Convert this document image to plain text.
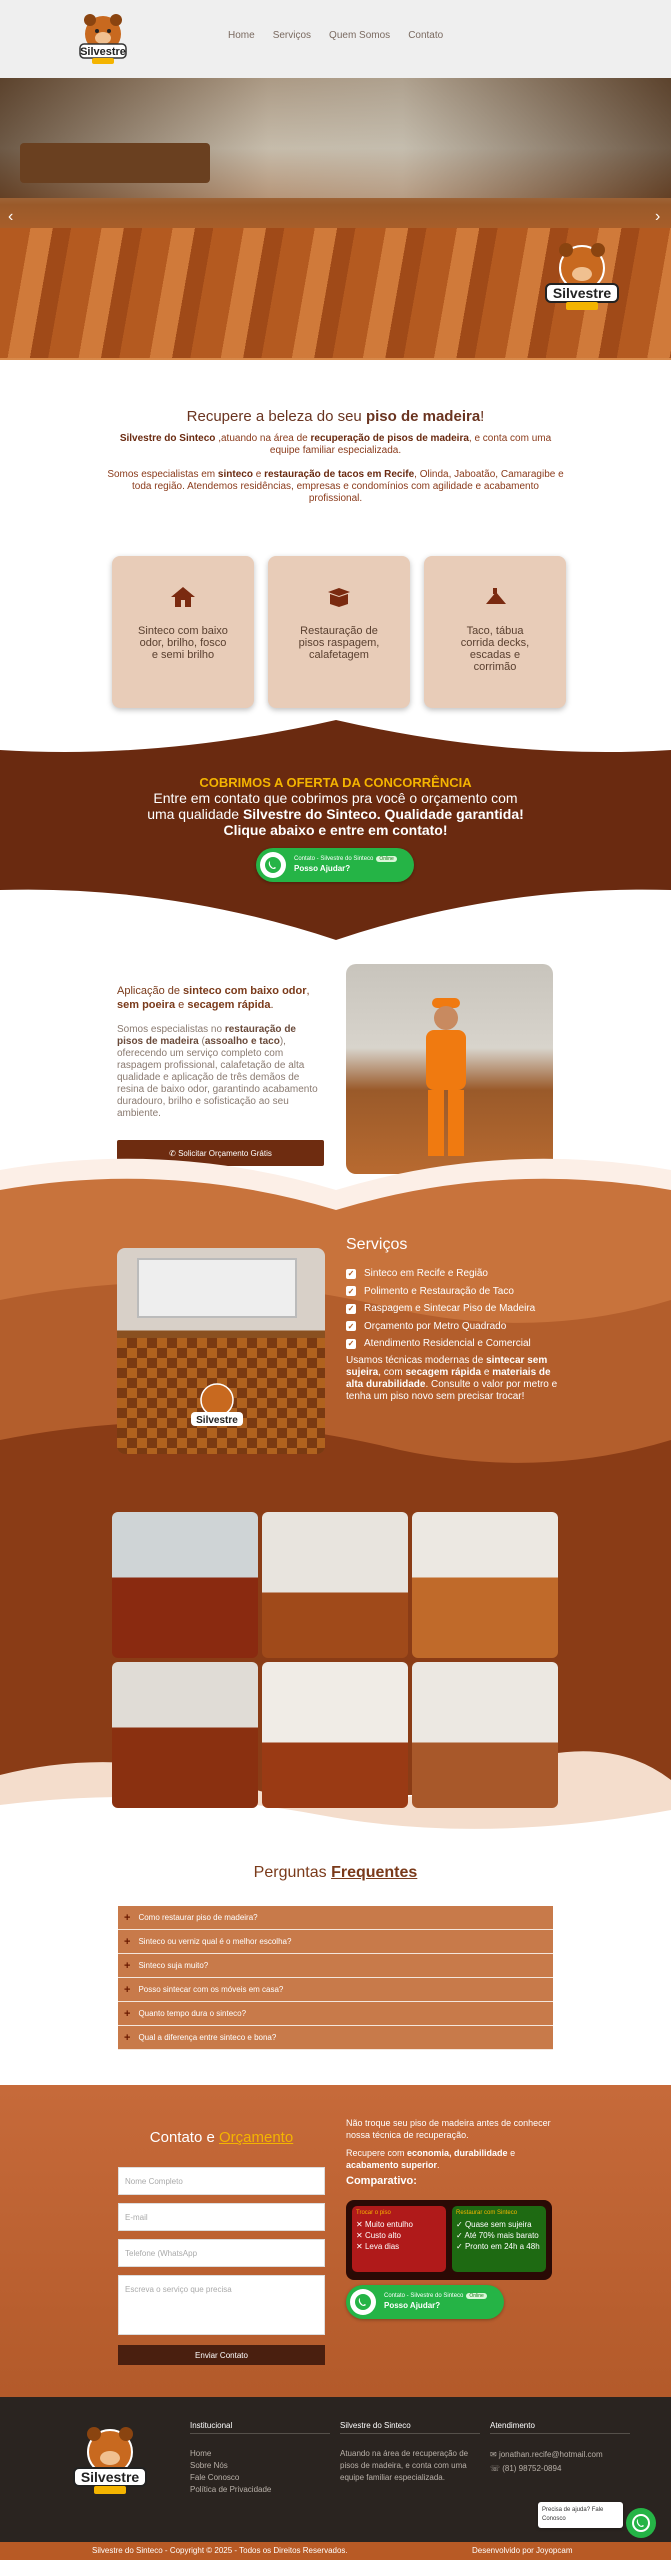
Silvestre
Home Serviços Quem Somos Contato
‹	›
Silvestre
Recupere a beleza do seu piso de madeira!

Silvestre do Sinteco ,atuando na área de recuperação de pisos de madeira, e conta com uma equipe familiar especializada.

Somos especialistas em sinteco e restauração de tacos em Recife, Olinda, Jaboatão, Camaragibe e toda região. Atendemos residências, empresas e condomínios com agilidade e acabamento profissional.

Sinteco com baixo odor, brilho, fosco e semi brilho

Restauração de pisos raspagem, calafetagem

Taco, tábua corrida decks, escadas e corrimão

COBRIMOS A OFERTA DA CONCORRÊNCIA

Entre em contato que cobrimos pra você o orçamento com

uma qualidade Silvestre do Sinteco. Qualidade garantida!

Clique abaixo e entre em contato!

Contato - Silvestre do Sinteco Online
Posso Ajudar?
Aplicação de sinteco com baixo odor, sem poeira e secagem rápida.

Somos especialistas no restauração de pisos de madeira (assoalho e taco), oferecendo um serviço completo com raspagem profissional, calafetação de alta qualidade e aplicação de três demãos de resina de baixo odor, garantindo acabamento duradouro, brilho e sofisticação ao seu ambiente.

✆ Solicitar Orçamento Grátis
Silvestre
Serviços
✓ Sinteco em Recife e Região
✓ Polimento e Restauração de Taco
✓ Raspagem e Sintecar Piso de Madeira
✓ Orçamento por Metro Quadrado
✓ Atendimento Residencial e Comercial

Usamos técnicas modernas de sintecar sem sujeira, com secagem rápida e materiais de alta durabilidade. Consulte o valor por metro e tenha um piso novo sem precisar trocar!

Perguntas Frequentes
+ Como restaurar piso de madeira?
+ Sinteco ou verniz qual é o melhor escolha?
+ Sinteco suja muito?
+ Posso sintecar com os móveis em casa?
+ Quanto tempo dura o sinteco?
+ Qual a diferença entre sinteco e bona?
Contato e Orçamento
Nome Completo
E-mail
Telefone (WhatsApp
Escreva o serviço que precisa
Enviar Contato

Não troque seu piso de madeira antes de conhecer nossa técnica de recuperação.

Recupere com economia, durabilidade e acabamento superior.

Comparativo:

Trocar o piso
✕ Muito entulho
✕ Custo alto
✕ Leva dias
Restaurar com Sinteco
✓ Quase sem sujeira
✓ Até 70% mais barato
✓ Pronto em 24h a 48h
Contato - Silvestre do Sinteco Online
Posso Ajudar?
Silvestre
Institucional
Home
Sobre Nós
Fale Conosco
Política de Privacidade
Silvestre do Sinteco

Atuando na área de recuperação de pisos de madeira, e conta com uma equipe familiar especializada.

Atendimento

✉ jonathan.recife@hotmail.com

☏ (81) 98752-0894

Precisa de ajuda? Fale Conosco
Silvestre do Sinteco - Copyright © 2025 - Todos os Direitos Reservados.	Desenvolvido por Joyopcam
